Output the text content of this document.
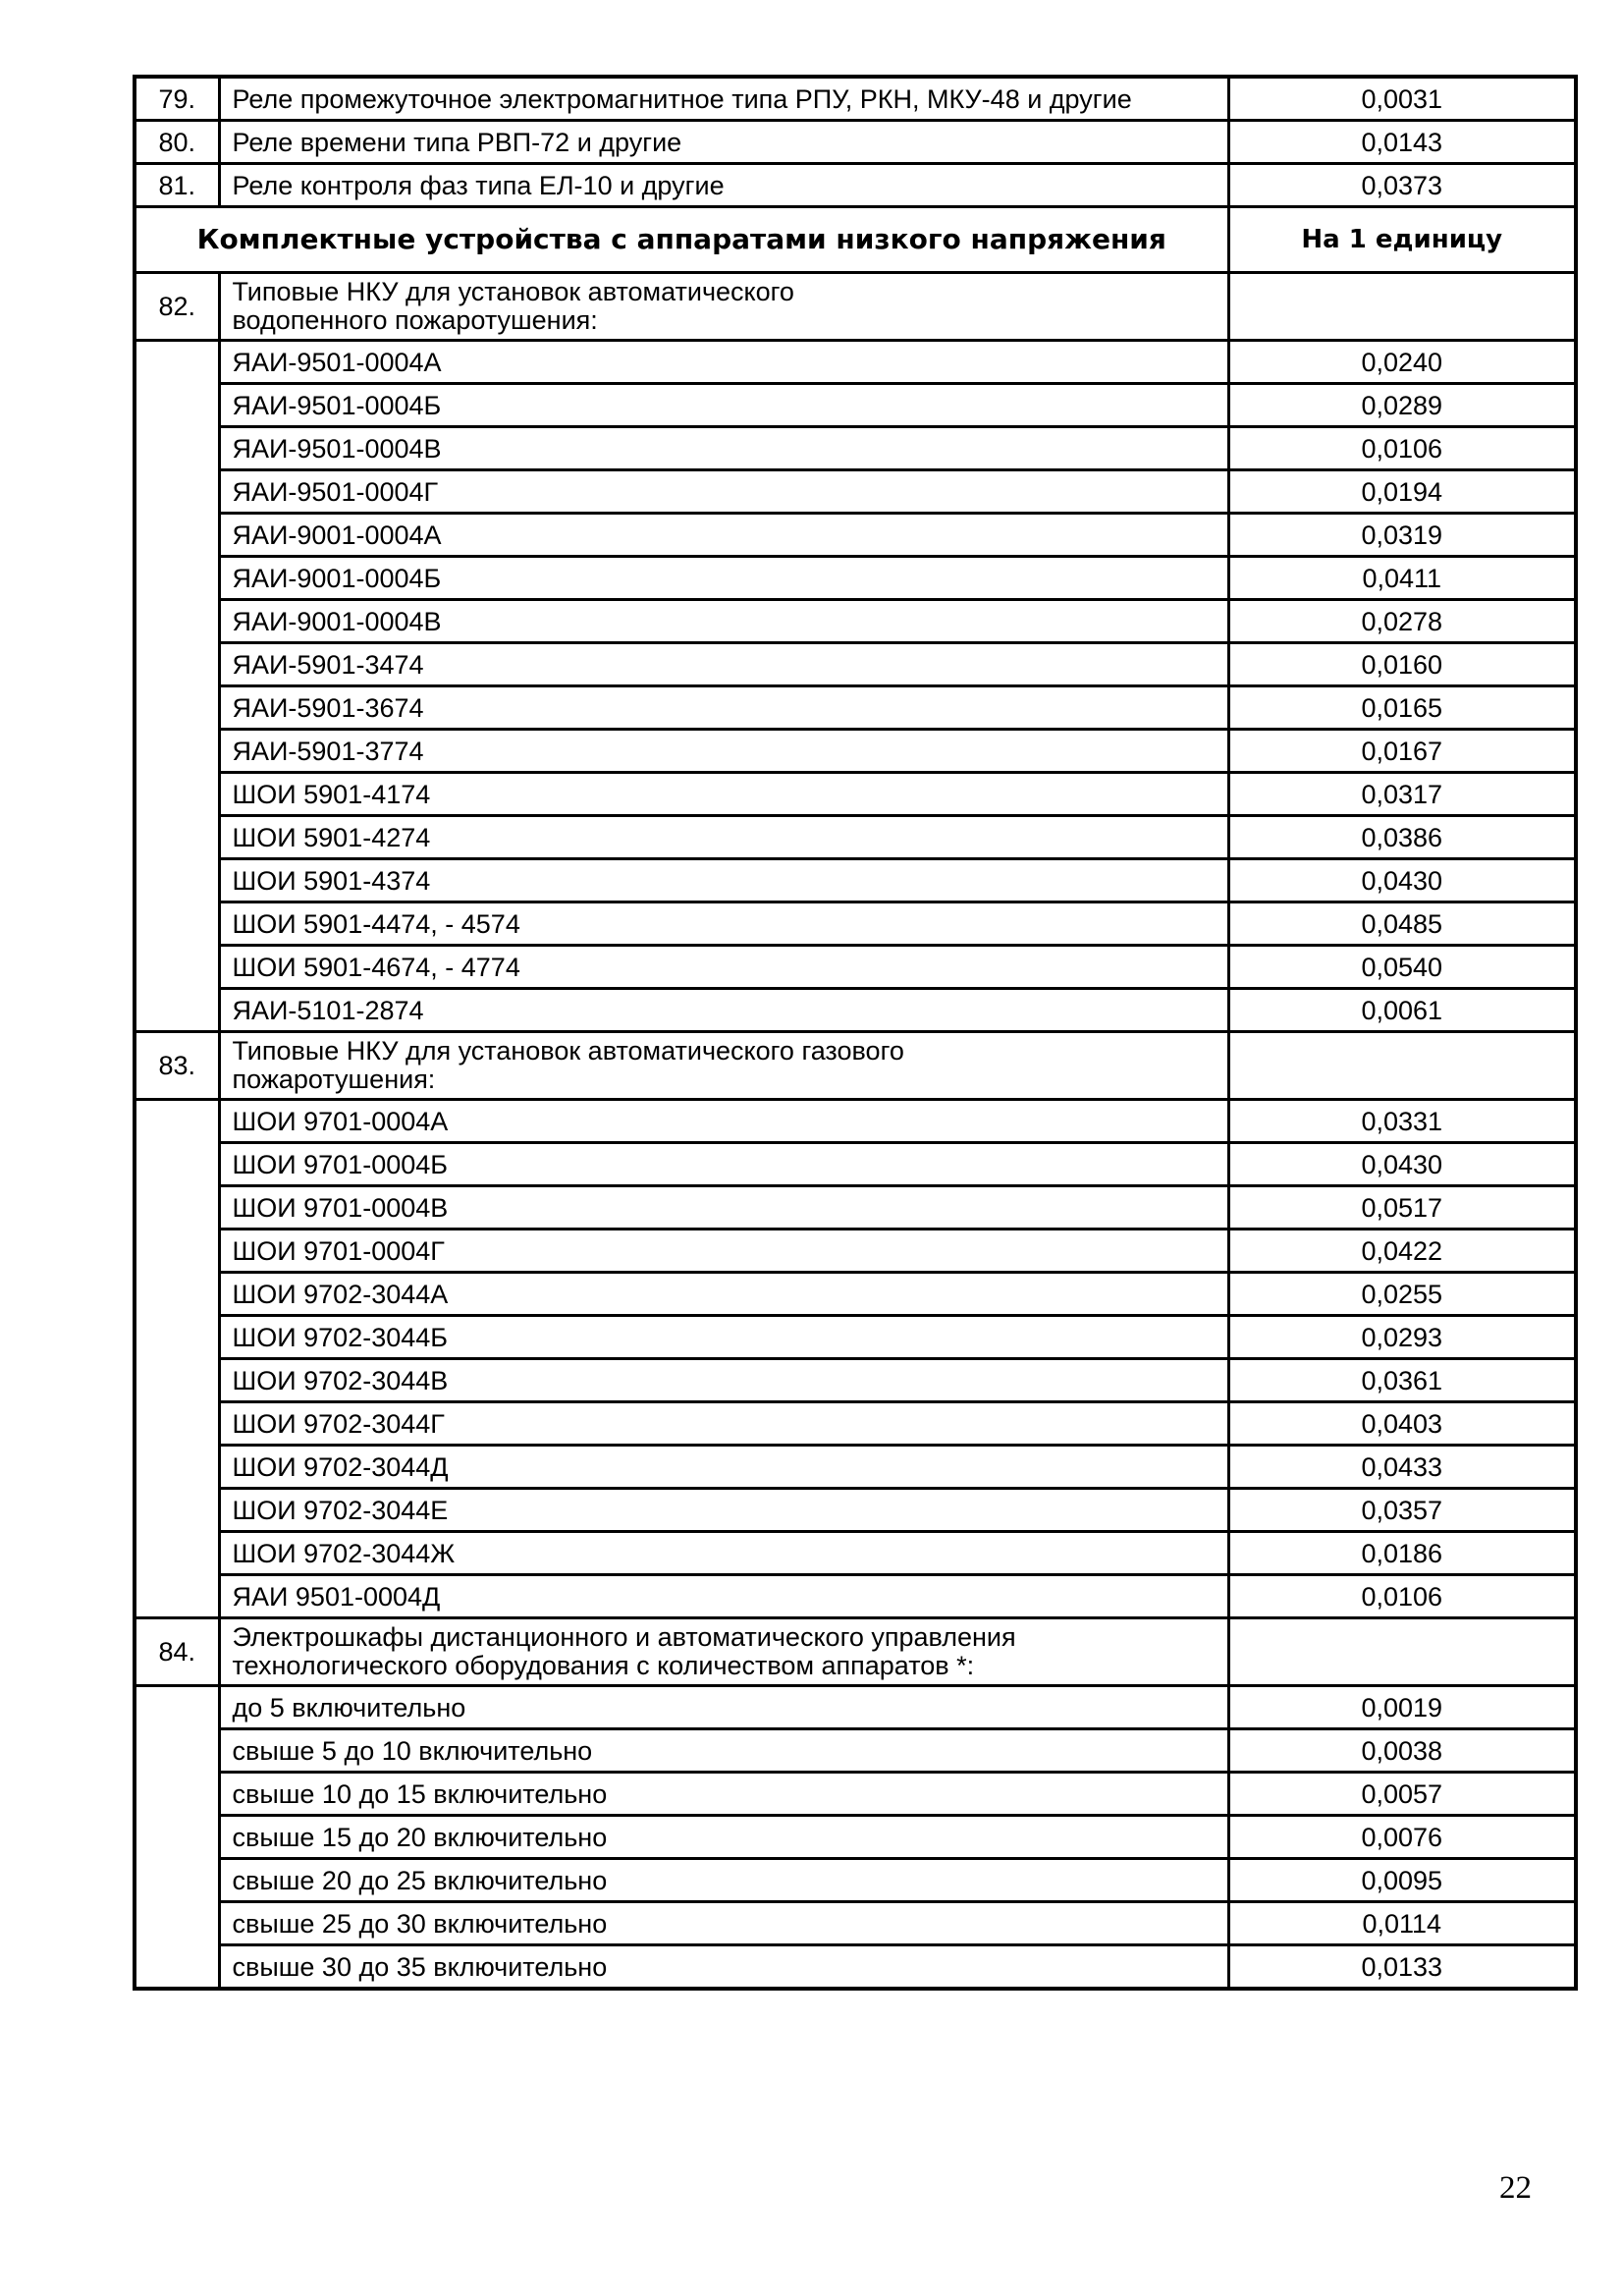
79.	Реле промежуточное электромагнитное типа РПУ, РКН, МКУ-48 и другие	0,0031
80.	Реле времени типа РВП-72 и другие	0,0143
81.	Реле контроля фаз типа ЕЛ-10 и другие	0,0373
Комплектные устройства с аппаратами низкого напряжения		На 1 единицу
82.	Типовые НКУ для установок автоматического
водопенного пожаротушения:	

	ЯАИ-9501-0004А	0,0240
	ЯАИ-9501-0004Б	0,0289
	ЯАИ-9501-0004В	0,0106
	ЯАИ-9501-0004Г	0,0194
	ЯАИ-9001-0004А	0,0319
	ЯАИ-9001-0004Б	0,0411
	ЯАИ-9001-0004В	0,0278
	ЯАИ-5901-3474	0,0160
	ЯАИ-5901-3674	0,0165
	ЯАИ-5901-3774	0,0167
	ШОИ 5901-4174	0,0317
	ШОИ 5901-4274	0,0386
	ШОИ 5901-4374	0,0430
	ШОИ 5901-4474, - 4574	0,0485
	ШОИ 5901-4674, - 4774	0,0540
	ЯАИ-5101-2874	0,0061
83.	Типовые НКУ для установок автоматического газового
пожаротушения:	

	ШОИ 9701-0004А	0,0331
	ШОИ 9701-0004Б	0,0430
	ШОИ 9701-0004В	0,0517
	ШОИ 9701-0004Г	0,0422
	ШОИ 9702-3044А	0,0255
	ШОИ 9702-3044Б	0,0293
	ШОИ 9702-3044В	0,0361
	ШОИ 9702-3044Г	0,0403
	ШОИ 9702-3044Д	0,0433
	ШОИ 9702-3044Е	0,0357
	ШОИ 9702-3044Ж	0,0186
	ЯАИ 9501-0004Д	0,0106
84.	Электрошкафы дистанционного и автоматического управления
технологического оборудования с количеством аппаратов *:	

	до 5 включительно	0,0019
	свыше 5 до 10 включительно	0,0038
	свыше 10 до 15 включительно	0,0057
	свыше 15 до 20 включительно	0,0076
	свыше 20 до 25 включительно	0,0095
	свыше 25 до 30 включительно	0,0114
	свыше 30 до 35 включительно	0,0133
22
